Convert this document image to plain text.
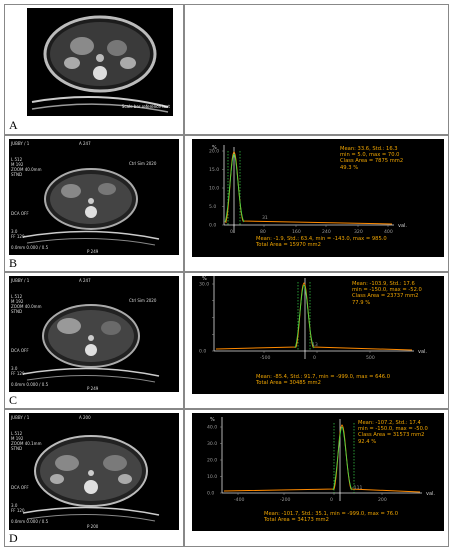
Scale bar reference text
A
JUBBY / 1	A 247
Ctrl Sim 2020
L 512
M 192
ZOOM 40.0mm
STND
DCA OFF
3.0
FF 120
0.0mm 0.000 / 0.5
P 249
B
%
val.
20.0
15.0
10.0
5.0
0.0
0	80	160	240	320	400
31
Mean: 33.6, Std.: 16.3
min = 5.0, max = 70.0
Class Area = 7875 mm2
49.3 %
Mean: -1.9, Std.: 63.4, min = -143.0, max = 985.0
Total Area = 15970 mm2
JUBBY / 1	A 247
Ctrl Sim 2020
L 512
M 192
ZOOM 40.0mm
STND
DCA OFF
3.0
FF 120
0.0mm 0.000 / 0.5
P 249
C
%
val.
30.0
0.0
-500	0	500
13
Mean: -103.9, Std.: 17.6
min = -150.0, max = -52.0
Class Area = 23737 mm2
77.9 %
Mean: -85.4, Std.: 91.7, min = -999.0, max = 646.0
Total Area = 30485 mm2
JUBBY / 1	A 200
L 512
M 192
ZOOM 40.1mm
STND
DCA OFF
3.0
FF 120
0.0mm 0.000 / 0.5
P 200
D
%
val.
40.0
30.0
20.0
10.0
0.0
-400	-200	0	200
-111
Mean: -107.2, Std.: 17.4
min = -150.0, max = -50.0
Class Area = 31573 mm2
92.4 %
Mean: -101.7, Std.: 35.1, min = -999.0, max = 76.0
Total Area = 34173 mm2
